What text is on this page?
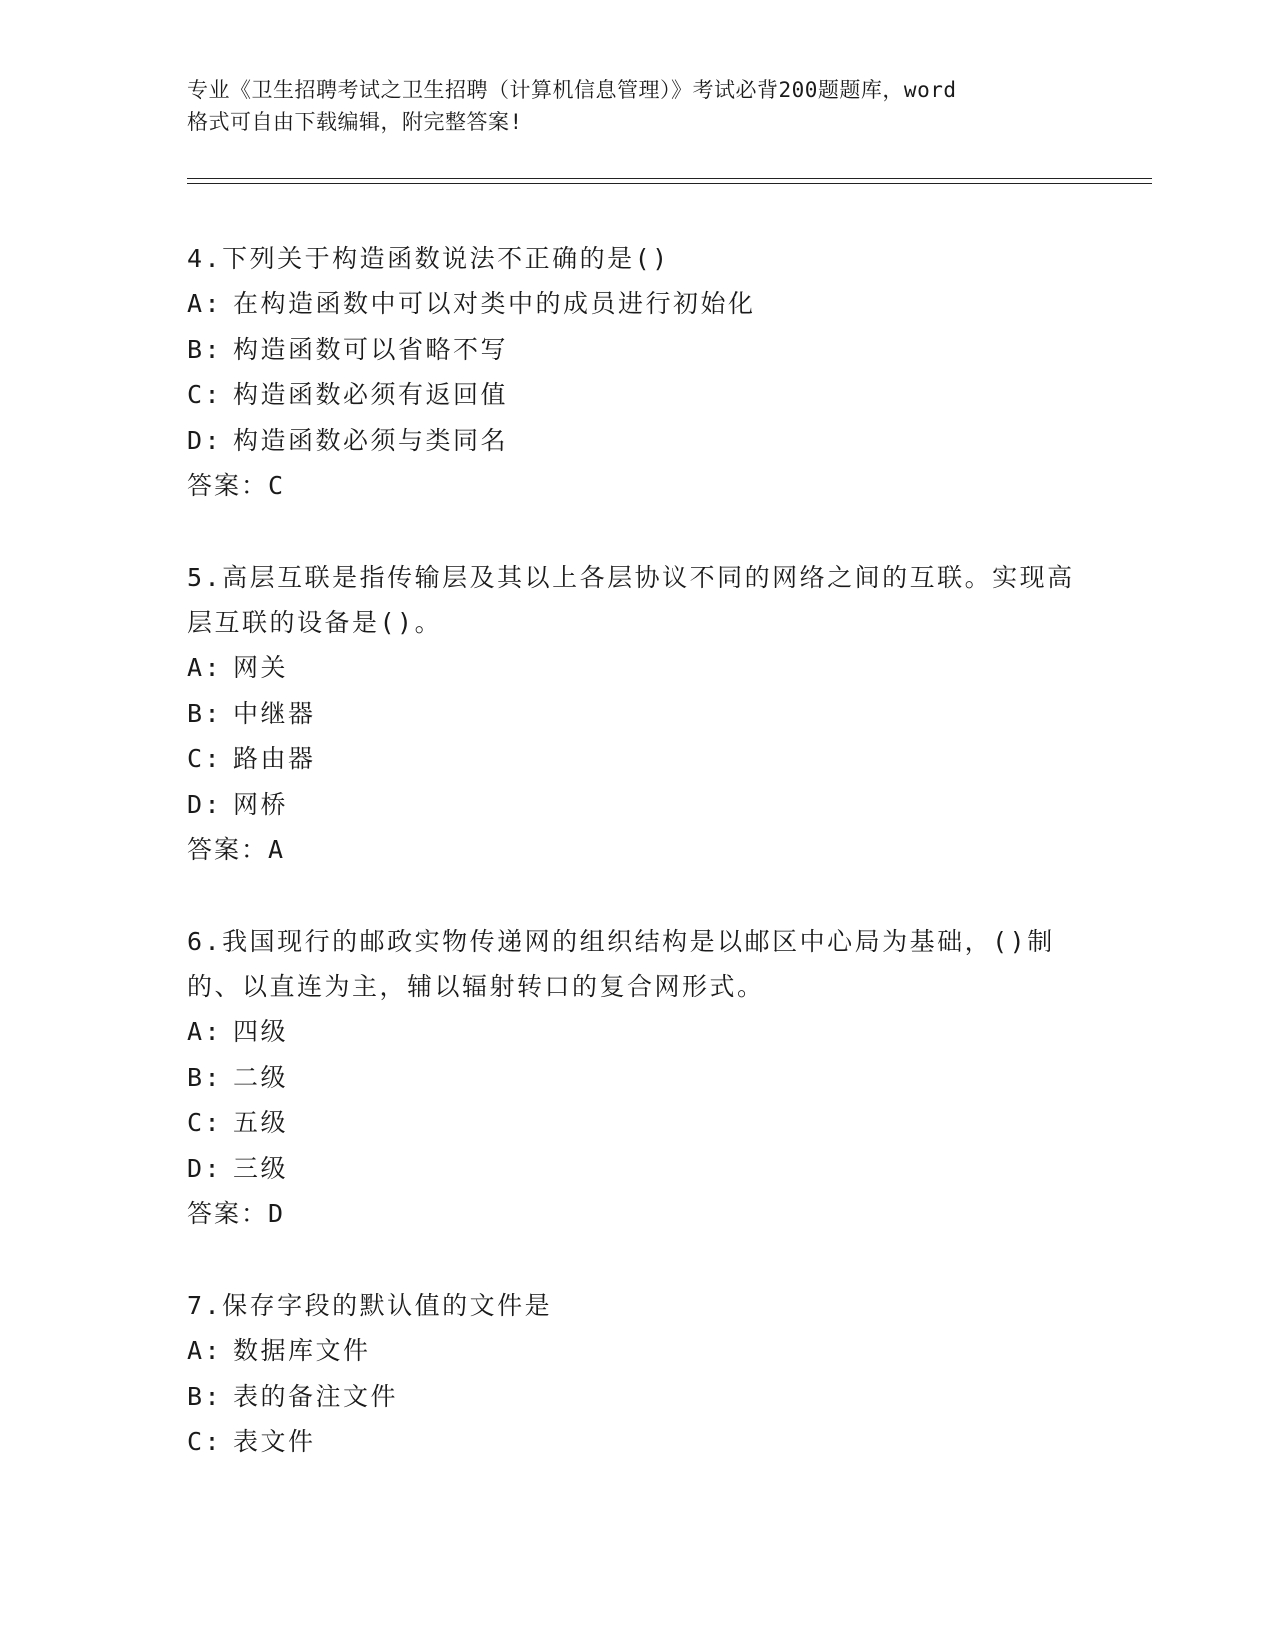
专业《卫生招聘考试之卫生招聘（计算机信息管理）》考试必背200题题库，word
格式可自由下载编辑，附完整答案!

4.下列关于构造函数说法不正确的是()

A: 在构造函数中可以对类中的成员进行初始化
B: 构造函数可以省略不写
C: 构造函数必须有返回值
D: 构造函数必须与类同名
答案：C

5.高层互联是指传输层及其以上各层协议不同的网络之间的互联。实现高层互联的设备是()。

A: 网关
B: 中继器
C: 路由器
D: 网桥
答案：A

6.我国现行的邮政实物传递网的组织结构是以邮区中心局为基础，()制的、以直连为主，辅以辐射转口的复合网形式。

A: 四级
B: 二级
C: 五级
D: 三级
答案：D

7.保存字段的默认值的文件是

A: 数据库文件
B: 表的备注文件
C: 表文件
